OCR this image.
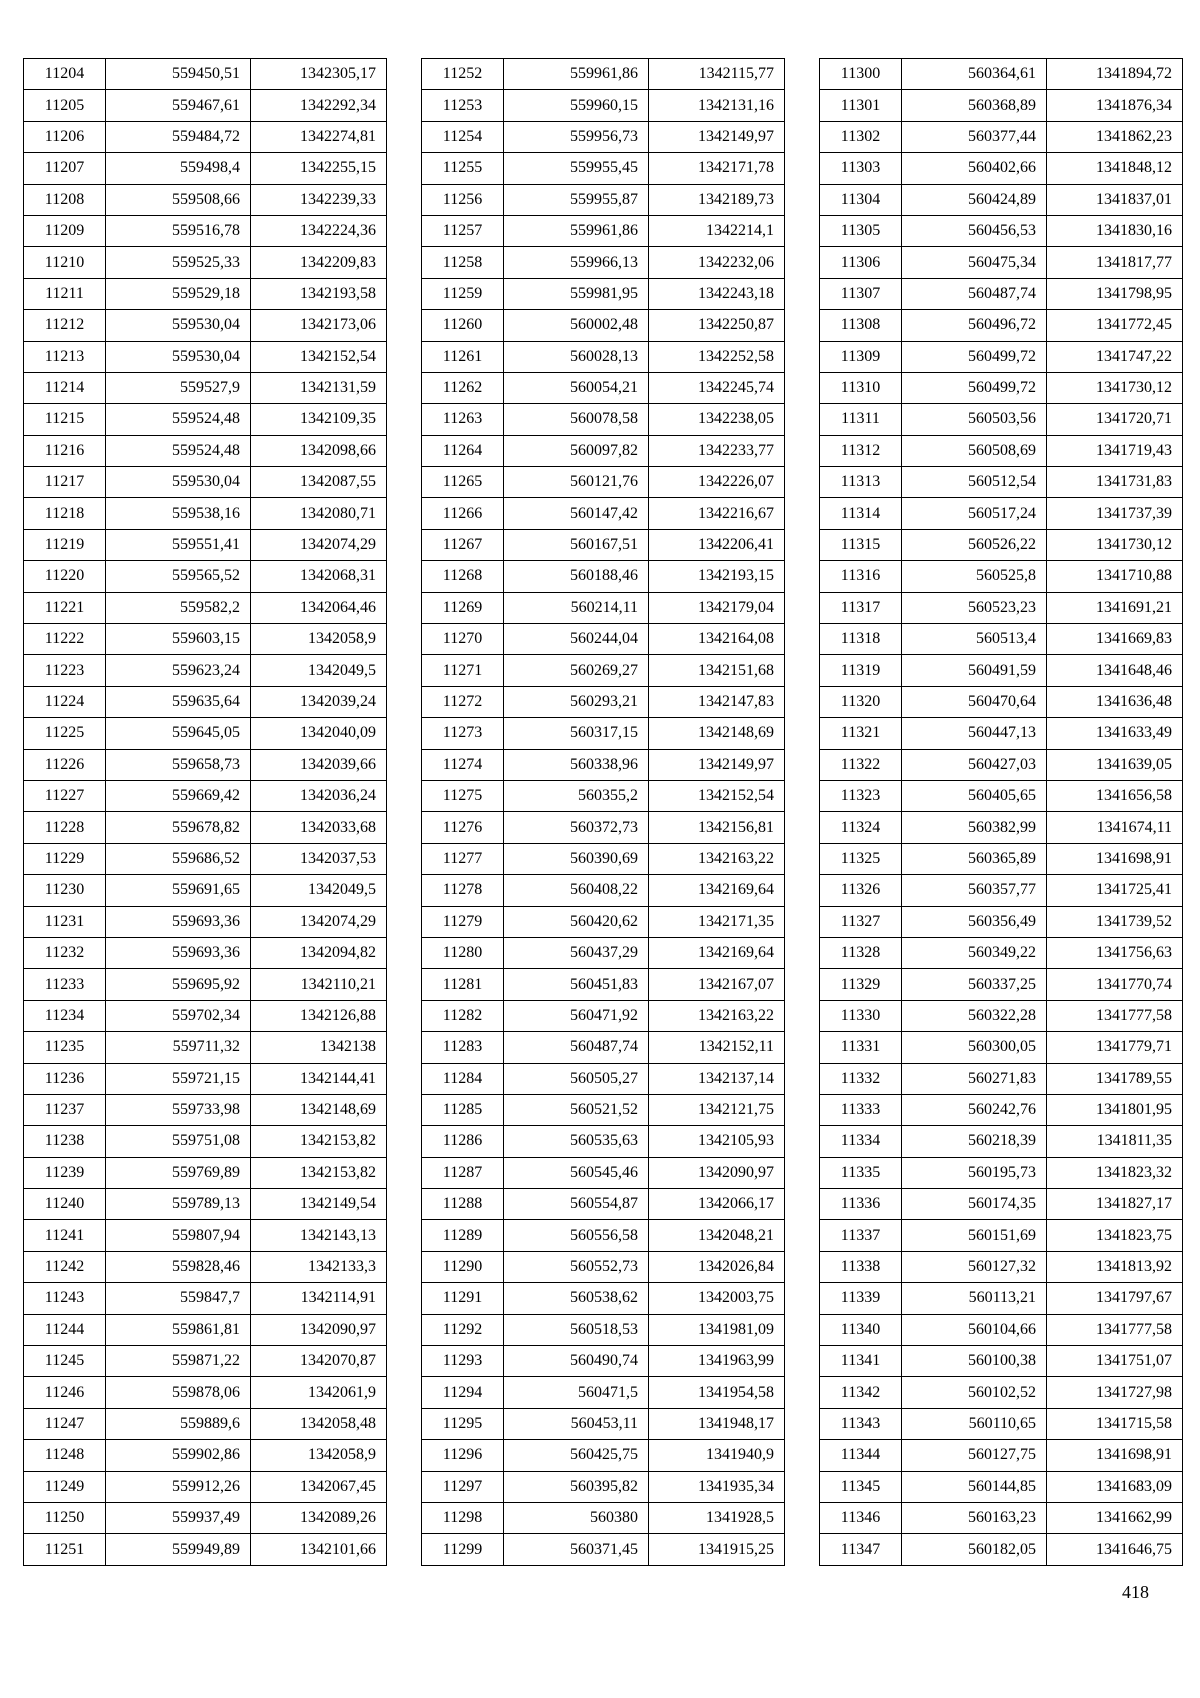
11204	559450,51	1342305,17
11205	559467,61	1342292,34
11206	559484,72	1342274,81
11207	559498,4	1342255,15
11208	559508,66	1342239,33
11209	559516,78	1342224,36
11210	559525,33	1342209,83
11211	559529,18	1342193,58
11212	559530,04	1342173,06
11213	559530,04	1342152,54
11214	559527,9	1342131,59
11215	559524,48	1342109,35
11216	559524,48	1342098,66
11217	559530,04	1342087,55
11218	559538,16	1342080,71
11219	559551,41	1342074,29
11220	559565,52	1342068,31
11221	559582,2	1342064,46
11222	559603,15	1342058,9
11223	559623,24	1342049,5
11224	559635,64	1342039,24
11225	559645,05	1342040,09
11226	559658,73	1342039,66
11227	559669,42	1342036,24
11228	559678,82	1342033,68
11229	559686,52	1342037,53
11230	559691,65	1342049,5
11231	559693,36	1342074,29
11232	559693,36	1342094,82
11233	559695,92	1342110,21
11234	559702,34	1342126,88
11235	559711,32	1342138
11236	559721,15	1342144,41
11237	559733,98	1342148,69
11238	559751,08	1342153,82
11239	559769,89	1342153,82
11240	559789,13	1342149,54
11241	559807,94	1342143,13
11242	559828,46	1342133,3
11243	559847,7	1342114,91
11244	559861,81	1342090,97
11245	559871,22	1342070,87
11246	559878,06	1342061,9
11247	559889,6	1342058,48
11248	559902,86	1342058,9
11249	559912,26	1342067,45
11250	559937,49	1342089,26
11251	559949,89	1342101,66
11252	559961,86	1342115,77
11253	559960,15	1342131,16
11254	559956,73	1342149,97
11255	559955,45	1342171,78
11256	559955,87	1342189,73
11257	559961,86	1342214,1
11258	559966,13	1342232,06
11259	559981,95	1342243,18
11260	560002,48	1342250,87
11261	560028,13	1342252,58
11262	560054,21	1342245,74
11263	560078,58	1342238,05
11264	560097,82	1342233,77
11265	560121,76	1342226,07
11266	560147,42	1342216,67
11267	560167,51	1342206,41
11268	560188,46	1342193,15
11269	560214,11	1342179,04
11270	560244,04	1342164,08
11271	560269,27	1342151,68
11272	560293,21	1342147,83
11273	560317,15	1342148,69
11274	560338,96	1342149,97
11275	560355,2	1342152,54
11276	560372,73	1342156,81
11277	560390,69	1342163,22
11278	560408,22	1342169,64
11279	560420,62	1342171,35
11280	560437,29	1342169,64
11281	560451,83	1342167,07
11282	560471,92	1342163,22
11283	560487,74	1342152,11
11284	560505,27	1342137,14
11285	560521,52	1342121,75
11286	560535,63	1342105,93
11287	560545,46	1342090,97
11288	560554,87	1342066,17
11289	560556,58	1342048,21
11290	560552,73	1342026,84
11291	560538,62	1342003,75
11292	560518,53	1341981,09
11293	560490,74	1341963,99
11294	560471,5	1341954,58
11295	560453,11	1341948,17
11296	560425,75	1341940,9
11297	560395,82	1341935,34
11298	560380	1341928,5
11299	560371,45	1341915,25
11300	560364,61	1341894,72
11301	560368,89	1341876,34
11302	560377,44	1341862,23
11303	560402,66	1341848,12
11304	560424,89	1341837,01
11305	560456,53	1341830,16
11306	560475,34	1341817,77
11307	560487,74	1341798,95
11308	560496,72	1341772,45
11309	560499,72	1341747,22
11310	560499,72	1341730,12
11311	560503,56	1341720,71
11312	560508,69	1341719,43
11313	560512,54	1341731,83
11314	560517,24	1341737,39
11315	560526,22	1341730,12
11316	560525,8	1341710,88
11317	560523,23	1341691,21
11318	560513,4	1341669,83
11319	560491,59	1341648,46
11320	560470,64	1341636,48
11321	560447,13	1341633,49
11322	560427,03	1341639,05
11323	560405,65	1341656,58
11324	560382,99	1341674,11
11325	560365,89	1341698,91
11326	560357,77	1341725,41
11327	560356,49	1341739,52
11328	560349,22	1341756,63
11329	560337,25	1341770,74
11330	560322,28	1341777,58
11331	560300,05	1341779,71
11332	560271,83	1341789,55
11333	560242,76	1341801,95
11334	560218,39	1341811,35
11335	560195,73	1341823,32
11336	560174,35	1341827,17
11337	560151,69	1341823,75
11338	560127,32	1341813,92
11339	560113,21	1341797,67
11340	560104,66	1341777,58
11341	560100,38	1341751,07
11342	560102,52	1341727,98
11343	560110,65	1341715,58
11344	560127,75	1341698,91
11345	560144,85	1341683,09
11346	560163,23	1341662,99
11347	560182,05	1341646,75
418
